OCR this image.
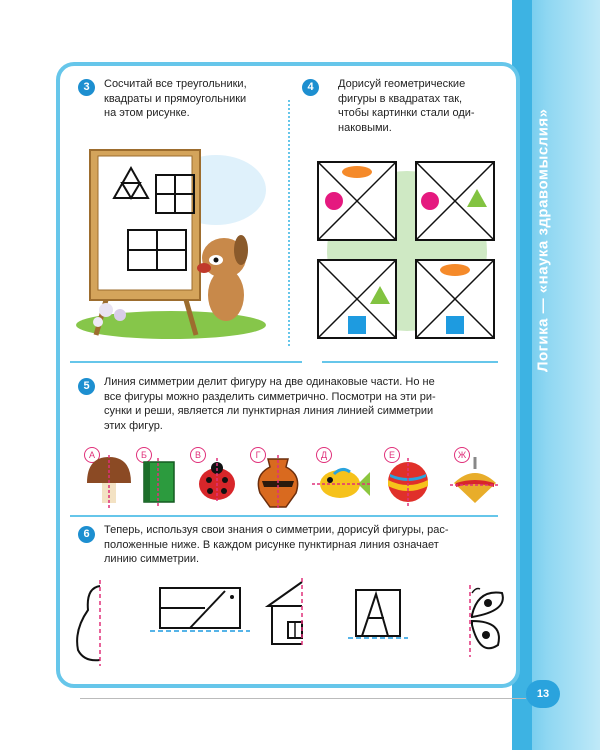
Логика — «наука здравомыслия»
3	Сосчитай все треугольники,
квадраты и прямоугольники
на этом рисунке.
4	Дорисуй геометрические
фигуры в квадратах так,
чтобы картинки стали оди-
наковыми.
5	Линия симметрии делит фигуру на две одинаковые части. Но не
все фигуры можно разделить симметрично. Посмотри на эти ри-
сунки и реши, является ли пунктирная линия линией симметрии
этих фигур.
А	Б	В	Г	Д	Е	Ж
6	Теперь, используя свои знания о симметрии, дорисуй фигуры, рас-
положенные ниже. В каждом рисунке пунктирная линия означает
линию симметрии.
13
